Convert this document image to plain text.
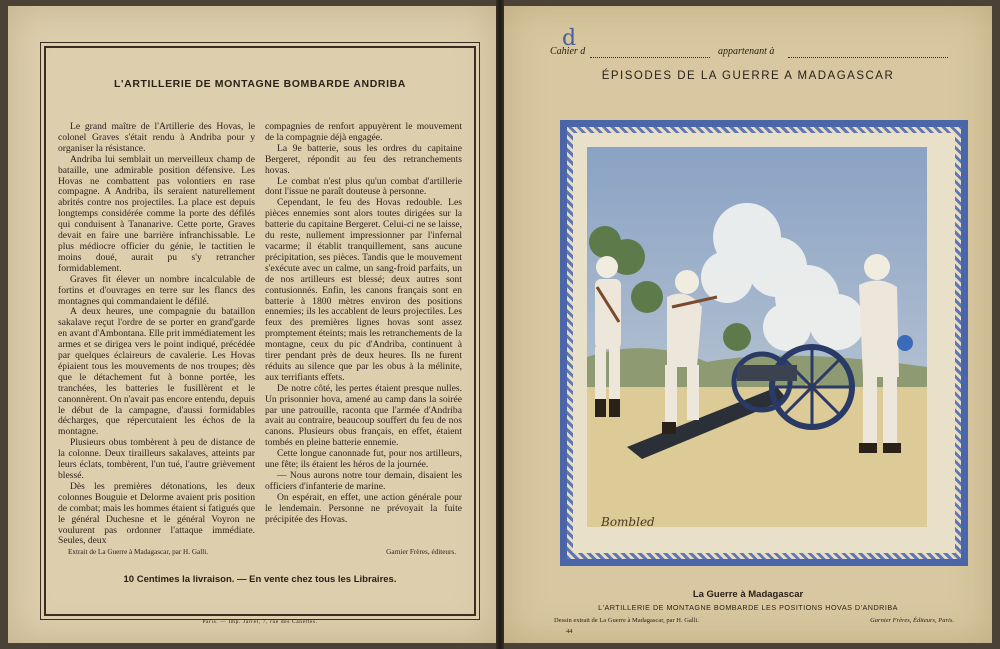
L'ARTILLERIE DE MONTAGNE BOMBARDE ANDRIBA

Le grand maître de l'Artillerie des Hovas, le colonel Graves s'était rendu à Andriba pour y organiser la résistance.

Andriba lui semblait un merveilleux champ de bataille, une admirable position défensive. Les Hovas ne combattent pas volontiers en rase compagne. A Andriba, ils seraient naturellement abrités contre nos projectiles. La place est depuis longtemps considérée comme la porte des défilés qui conduisent à Tananarive. Cette porte, Graves devait en faire une barrière infranchissable. Le plus médiocre officier du génie, le tactitien le moins doué, aurait pu s'y retrancher formidablement.

Graves fit élever un nombre incalculable de fortins et d'ouvrages en terre sur les flancs des montagnes qui commandaient le défilé.

A deux heures, une compagnie du bataillon sakalave reçut l'ordre de se porter en grand'garde en avant d'Ambontana. Elle prit immédiatement les armes et se dirigea vers le point indiqué, précédée par quelques éclaireurs de cavalerie. Les Hovas épiaient tous les mouvements de nos troupes; dès que le détachement fut à bonne portée, les tranchées, les batteries le fusillèrent et le canonnèrent. On n'avait pas encore entendu, depuis le début de la campagne, d'aussi formidables décharges, que répercutaient les échos de la montagne.

Plusieurs obus tombèrent à peu de distance de la colonne. Deux tirailleurs sakalaves, atteints par leurs éclats, tombèrent, l'un tué, l'autre grièvement blessé.

Dès les premières détonations, les deux colonnes Bouguie et Delorme avaient pris position de combat; mais les hommes étaient si fatigués que le général Duchesne et le général Voyron ne voulurent pas ordonner l'attaque immédiate. Seules, deux

compagnies de renfort appuyèrent le mouvement de la compagnie déjà engagée.

La 9e batterie, sous les ordres du capitaine Bergeret, répondit au feu des retranchements hovas.

Le combat n'est plus qu'un combat d'artillerie dont l'issue ne paraît douteuse à personne.

Cependant, le feu des Hovas redouble. Les pièces ennemies sont alors toutes dirigées sur la batterie du capitaine Bergeret. Celui-ci ne se laisse, du reste, nullement impressionner par l'infernal vacarme; il établit tranquillement, sans aucune précipitation, ses pièces. Tandis que le mouvement s'exécute avec un calme, un sang-froid parfaits, un de nos artilleurs est blessé; deux autres sont contusionnés. Enfin, les canons français sont en batterie à 1800 mètres environ des positions ennemies; ils les accablent de leurs projectiles. Les feux des premières lignes hovas sont assez promptement éteints; mais les retranchements de la montagne, ceux du pic d'Andriba, continuent à tirer pendant près de deux heures. Ils ne furent réduits au silence que par les obus à la mélinite, aux terrifiants effets.

De notre côté, les pertes étaient presque nulles. Un prisonnier hova, amené au camp dans la soirée par une patrouille, raconta que l'armée d'Andriba avait au contraire, beaucoup souffert du feu de nos canons. Plusieurs obus français, en effet, étaient tombés en pleine batterie ennemie.

Cette longue canonnade fut, pour nos artilleurs, une fête; ils étaient les héros de la journée.

— Nous aurons notre tour demain, disaient les officiers d'infanterie de marine.

On espérait, en effet, une action générale pour le lendemain. Personne ne prévoyait la fuite précipitée des Hovas.

Extrait de La Guerre à Madagascar, par H. Galli.	Garnier Frères, éditeurs.
10 Centimes la livraison. — En vente chez tous les Libraires.
Paris. — Imp. Jarret, 7, rue des Canettes.
d
Cahier d	appartenant à
ÉPISODES DE LA GUERRE A MADAGASCAR
Bombled
La Guerre à Madagascar
L'ARTILLERIE DE MONTAGNE BOMBARDE LES POSITIONS HOVAS D'ANDRIBA
Dessin extrait de La Guerre à Madagascar, par H. Galli.	Garnier Frères, Éditeurs, Paris.
44
